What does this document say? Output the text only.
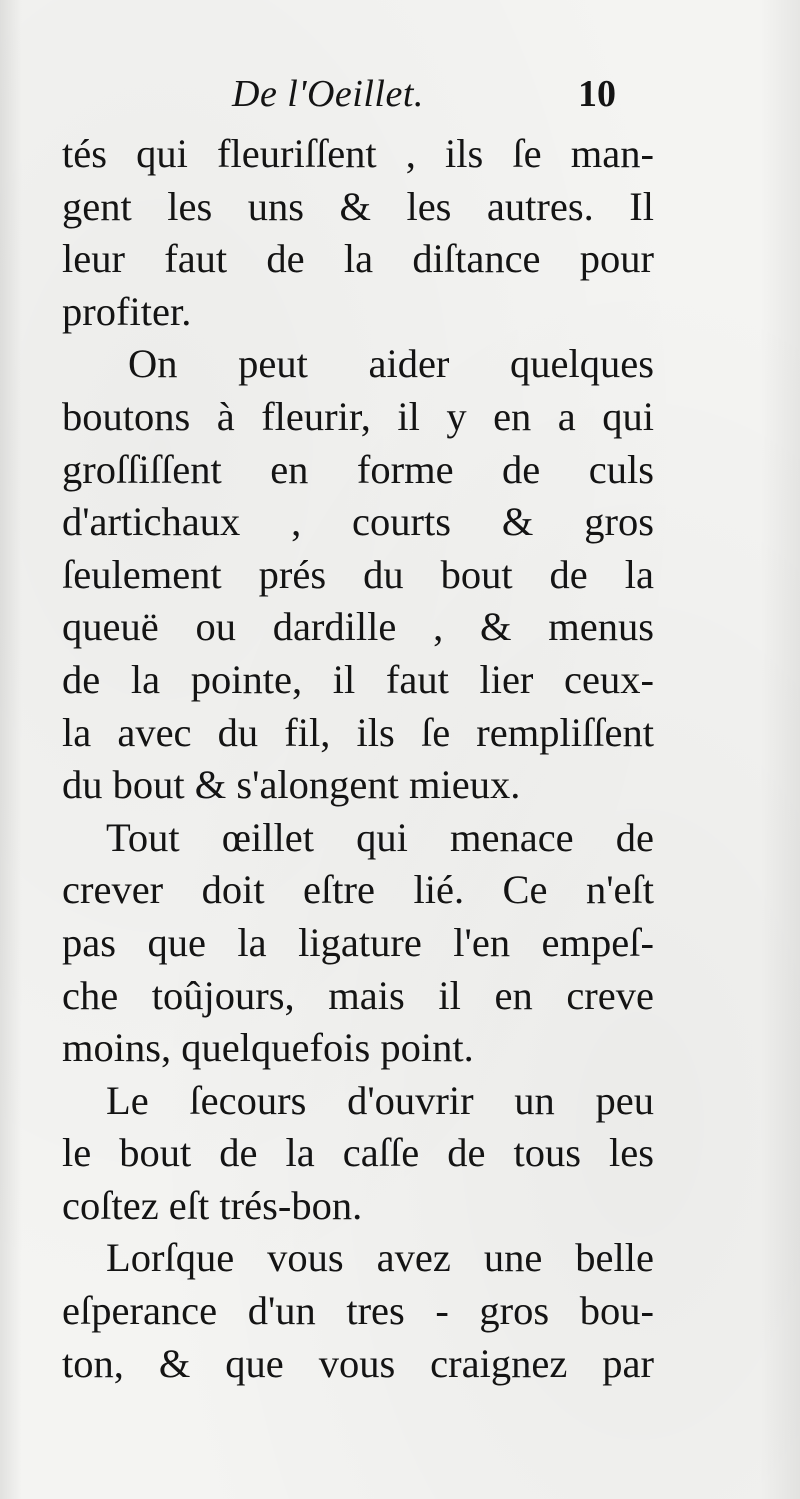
De l'Oeillet.	10

tés qui fleuriſſent , ils ſe man-
gent les uns & les autres. Il
leur faut de la diſtance pour
profiter.

On peut aider quelques
boutons à fleurir, il y en a qui
groſſiſſent en forme de culs
d'artichaux , courts & gros
ſeulement prés du bout de la
queuë ou dardille , & menus
de la pointe, il faut lier ceux-
la avec du fil, ils ſe rempliſſent
du bout & s'alongent mieux.

Tout œillet qui menace de
crever doit eſtre lié. Ce n'eſt
pas que la ligature l'en empeſ-
che toûjours, mais il en creve
moins, quelquefois point.

Le ſecours d'ouvrir un peu
le bout de la caſſe de tous les
coſtez eſt trés-bon.

Lorſque vous avez une belle
eſperance d'un tres - gros bou-
ton, & que vous craignez par
